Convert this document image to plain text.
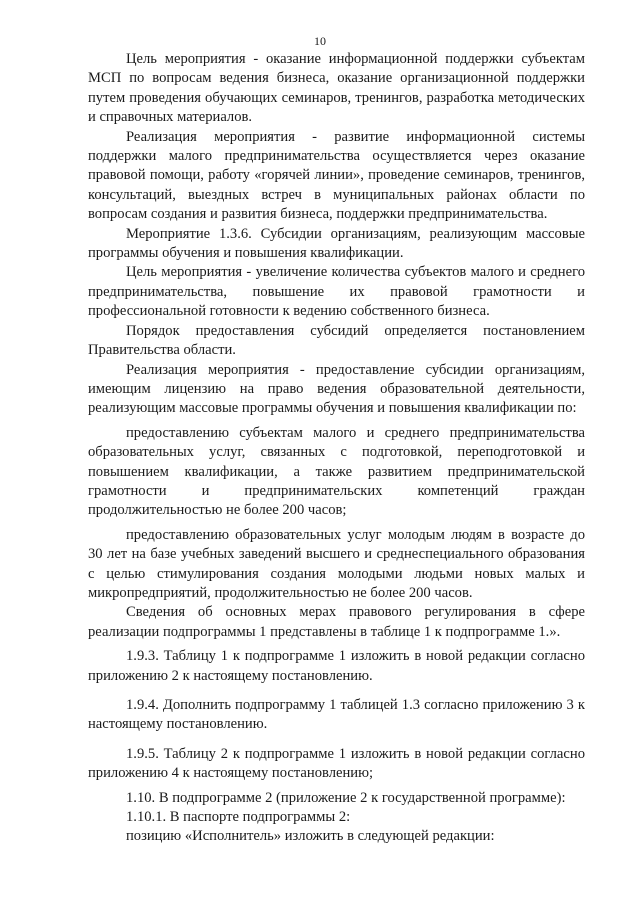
10

Цель мероприятия - оказание информационной поддержки субъектам МСП по вопросам ведения бизнеса, оказание организационной поддержки путем проведения обучающих семинаров, тренингов, разработка методических и справочных материалов.

Реализация мероприятия - развитие информационной системы поддержки малого предпринимательства осуществляется через оказание правовой помощи, работу «горячей линии», проведение семинаров, тренингов, консультаций, выездных встреч в муниципальных районах области по вопросам создания и развития бизнеса, поддержки предпринимательства.

Мероприятие 1.3.6. Субсидии организациям, реализующим массовые программы обучения и повышения квалификации.

Цель мероприятия - увеличение количества субъектов малого и среднего предпринимательства, повышение их правовой грамотности и профессиональной готовности к ведению собственного бизнеса.

Порядок предоставления субсидий определяется постановлением Правительства области.

Реализация мероприятия - предоставление субсидии организациям, имеющим лицензию на право ведения образовательной деятельности, реализующим массовые программы обучения и повышения квалификации по:

предоставлению субъектам малого и среднего предпринимательства образовательных услуг, связанных с подготовкой, переподготовкой и повышением квалификации, а также развитием предпринимательской грамотности и предпринимательских компетенций граждан продолжительностью не более 200 часов;

предоставлению образовательных услуг молодым людям в возрасте до 30 лет на базе учебных заведений высшего и среднеспециального образования с целью стимулирования создания молодыми людьми новых малых и микропредприятий, продолжительностью не более 200 часов.

Сведения об основных мерах правового регулирования в сфере реализации подпрограммы 1 представлены в таблице 1 к подпрограмме 1.».

1.9.3. Таблицу 1 к подпрограмме 1 изложить в новой редакции согласно приложению 2 к настоящему постановлению.

1.9.4. Дополнить подпрограмму 1 таблицей 1.3 согласно приложению 3 к настоящему постановлению.

1.9.5. Таблицу 2 к подпрограмме 1 изложить в новой редакции согласно приложению 4 к настоящему постановлению;

1.10. В подпрограмме 2 (приложение 2 к государственной программе):

1.10.1. В паспорте подпрограммы 2:

позицию «Исполнитель» изложить в следующей редакции:
